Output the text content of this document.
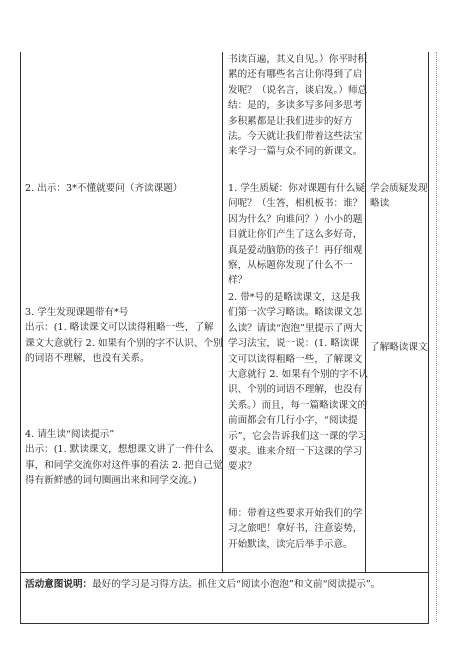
2. 出示：3*不懂就要问（齐读课题）
3. 学生发现课题带有*号
出示：(1. 略读课文可以读得粗略一些，了解课文大意就行 2. 如果有个别的字不认识、个别的词语不理解，也没有关系。
4. 请生读“阅读提示”
出示：(1. 默读课文，想想课文讲了一件什么事，和同学交流你对这件事的看法 2. 把自己觉得有新鲜感的词句圈画出来和同学交流。)
书读百遍，其义自见。）你平时积累的还有哪些名言让你得到了启发呢？（说名言，谈启发。）师总结：是的，多读多写多问多思考多积累都是让我们进步的好方法。今天就让我们带着这些法宝来学习一篇与众不同的新课文。
1. 学生质疑：你对课题有什么疑问呢？（生答，相机板书：谁？因为什么？向谁问？）小小的题目就让你们产生了这么多好奇，真是爱动脑筋的孩子！再仔细观察，从标题你发现了什么不一样？
2. 带*号的是略读课文，这是我们第一次学习略读。略读课文怎么读？请读“泡泡”里提示了两大学习法宝，说一说：(1. 略读课文可以读得粗略一些，了解课文大意就行 2. 如果有个别的字不认识、个别的词语不理解，也没有关系。）而且，每一篇略读课文的前面都会有几行小字，“阅读提示”，它会告诉我们这一课的学习要求。谁来介绍一下这课的学习要求？
师：带着这些要求开始我们的学习之旅吧！拿好书，注意姿势，开始默读，读完后举手示意。
学会质疑发现略读
了解略读课文
活动意图说明：最好的学习是习得方法。抓住文后“阅读小泡泡”和文前“阅读提示”。
